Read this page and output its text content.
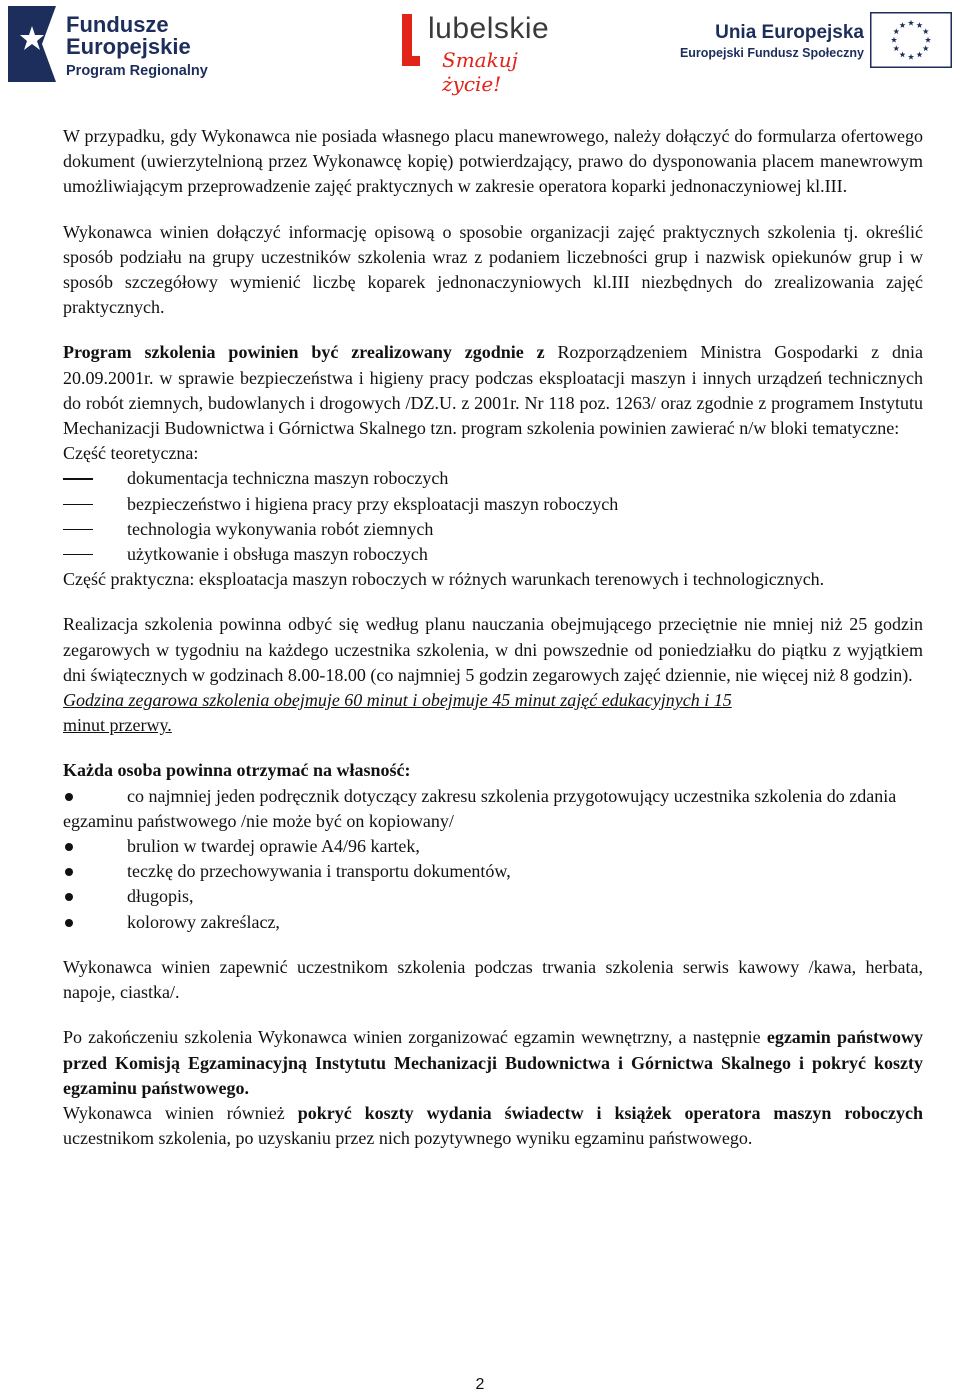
Fundusze
Europejskie
Program Regionalny
lubelskie
Smakuj życie!
Unia Europejska
Europejski Fundusz Społeczny

W przypadku, gdy Wykonawca nie posiada własnego placu manewrowego, należy dołączyć do formularza ofertowego dokument (uwierzytelnioną przez Wykonawcę kopię) potwierdzający, prawo do dysponowania placem manewrowym umożliwiającym przeprowadzenie zajęć praktycznych w zakresie operatora koparki jednonaczyniowej kl.III.

Wykonawca winien dołączyć informację opisową o sposobie organizacji zajęć praktycznych szkolenia tj. określić sposób podziału na grupy uczestników szkolenia wraz z podaniem liczebności grup i nazwisk opiekunów grup i w sposób szczegółowy wymienić liczbę koparek jednonaczyniowych kl.III niezbędnych do zrealizowania zajęć praktycznych.

Program szkolenia powinien być zrealizowany zgodnie z Rozporządzeniem Ministra Gospodarki z dnia 20.09.2001r. w sprawie bezpieczeństwa i higieny pracy podczas eksploatacji maszyn i innych urządzeń technicznych do robót ziemnych, budowlanych i drogowych /DZ.U. z 2001r. Nr 118 poz. 1263/ oraz zgodnie z programem Instytutu Mechanizacji Budownictwa i Górnictwa Skalnego tzn. program szkolenia powinien zawierać n/w bloki tematyczne:

Część teoretyczna:

dokumentacja techniczna maszyn roboczych
bezpieczeństwo i higiena pracy przy eksploatacji maszyn roboczych
technologia wykonywania robót ziemnych
użytkowanie i obsługa maszyn roboczych

Część praktyczna: eksploatacja maszyn roboczych w różnych warunkach terenowych i technologicznych.

Realizacja szkolenia powinna odbyć się według planu nauczania obejmującego przeciętnie nie mniej niż 25 godzin zegarowych w tygodniu na każdego uczestnika szkolenia, w dni powszednie od poniedziałku do piątku z wyjątkiem dni świątecznych w godzinach 8.00-18.00 (co najmniej 5 godzin zegarowych zajęć dziennie, nie więcej niż 8 godzin).

Godzina zegarowa szkolenia obejmuje 60 minut i obejmuje 45 minut zajęć edukacyjnych i 15
minut przerwy.

Każda osoba powinna otrzymać na własność:

co najmniej jeden podręcznik dotyczący zakresu szkolenia przygotowujący uczestnika szkolenia do zdania egzaminu państwowego /nie może być on kopiowany/
brulion w twardej oprawie A4/96 kartek,
teczkę do przechowywania i transportu dokumentów,
długopis,
kolorowy zakreślacz,

Wykonawca winien zapewnić uczestnikom szkolenia podczas trwania szkolenia serwis kawowy /kawa, herbata, napoje, ciastka/.

Po zakończeniu szkolenia Wykonawca winien zorganizować egzamin wewnętrzny, a następnie egzamin państwowy przed Komisją Egzaminacyjną Instytutu Mechanizacji Budownictwa i Górnictwa Skalnego i pokryć koszty egzaminu państwowego.

Wykonawca winien również pokryć koszty wydania świadectw i książek operatora maszyn roboczych uczestnikom szkolenia, po uzyskaniu przez nich pozytywnego wyniku egzaminu państwowego.

2
